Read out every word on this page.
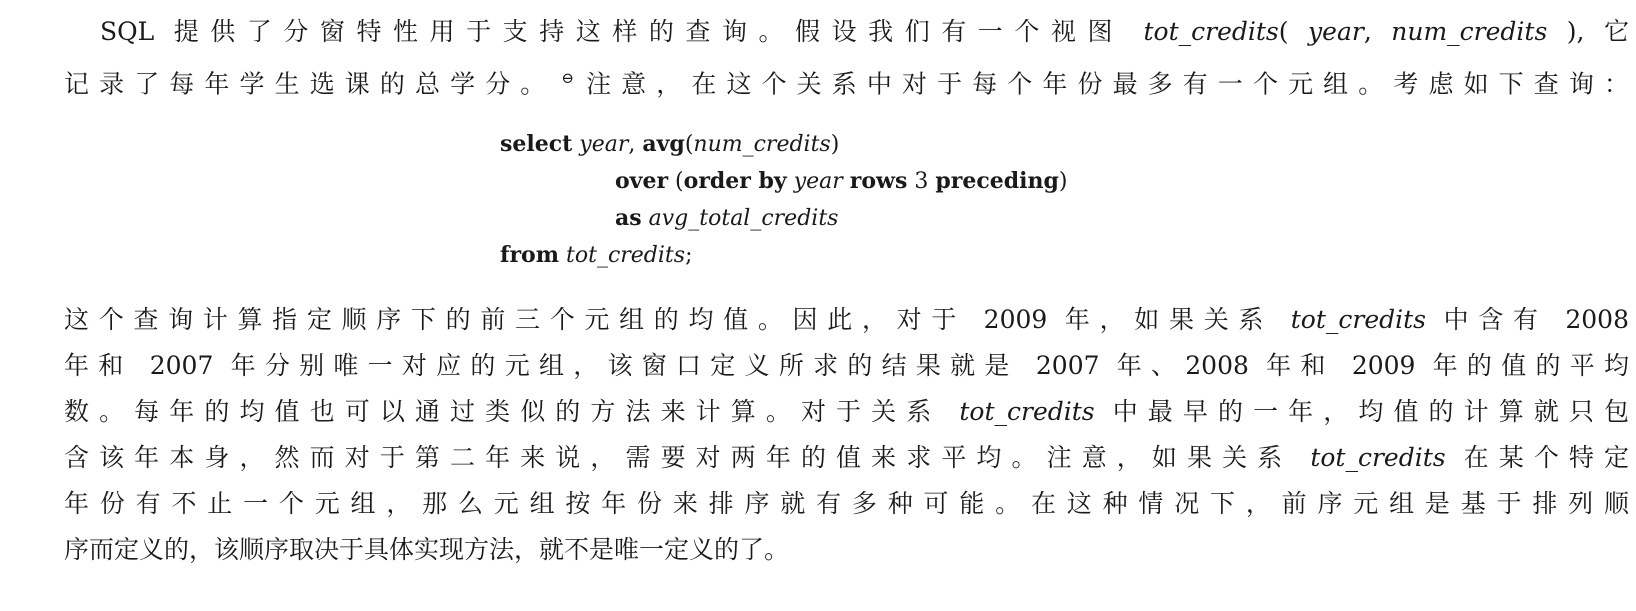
SQL 提供了分窗特性用于支持这样的查询。假设我们有一个视图 tot_credits( year, num_credits ), 它
记录了每年学生选课的总学分。 ⊖注意，在这个关系中对于每个年份最多有一个元组。考虑如下查询：
select year, avg(num_credits)
over (order by year rows 3 preceding)
as avg_total_credits
from tot_credits;
这个查询计算指定顺序下的前三个元组的均值。因此，对于 2009 年，如果关系 tot_credits 中含有 2008
年和 2007 年分别唯一对应的元组，该窗口定义所求的结果就是 2007 年、2008 年和 2009 年的值的平均
数。每年的均值也可以通过类似的方法来计算。对于关系 tot_credits 中最早的一年，均值的计算就只包
含该年本身，然而对于第二年来说，需要对两年的值来求平均。注意，如果关系 tot_credits 在某个特定
年份有不止一个元组，那么元组按年份来排序就有多种可能。在这种情况下，前序元组是基于排列顺
序而定义的，该顺序取决于具体实现方法，就不是唯一定义的了。
